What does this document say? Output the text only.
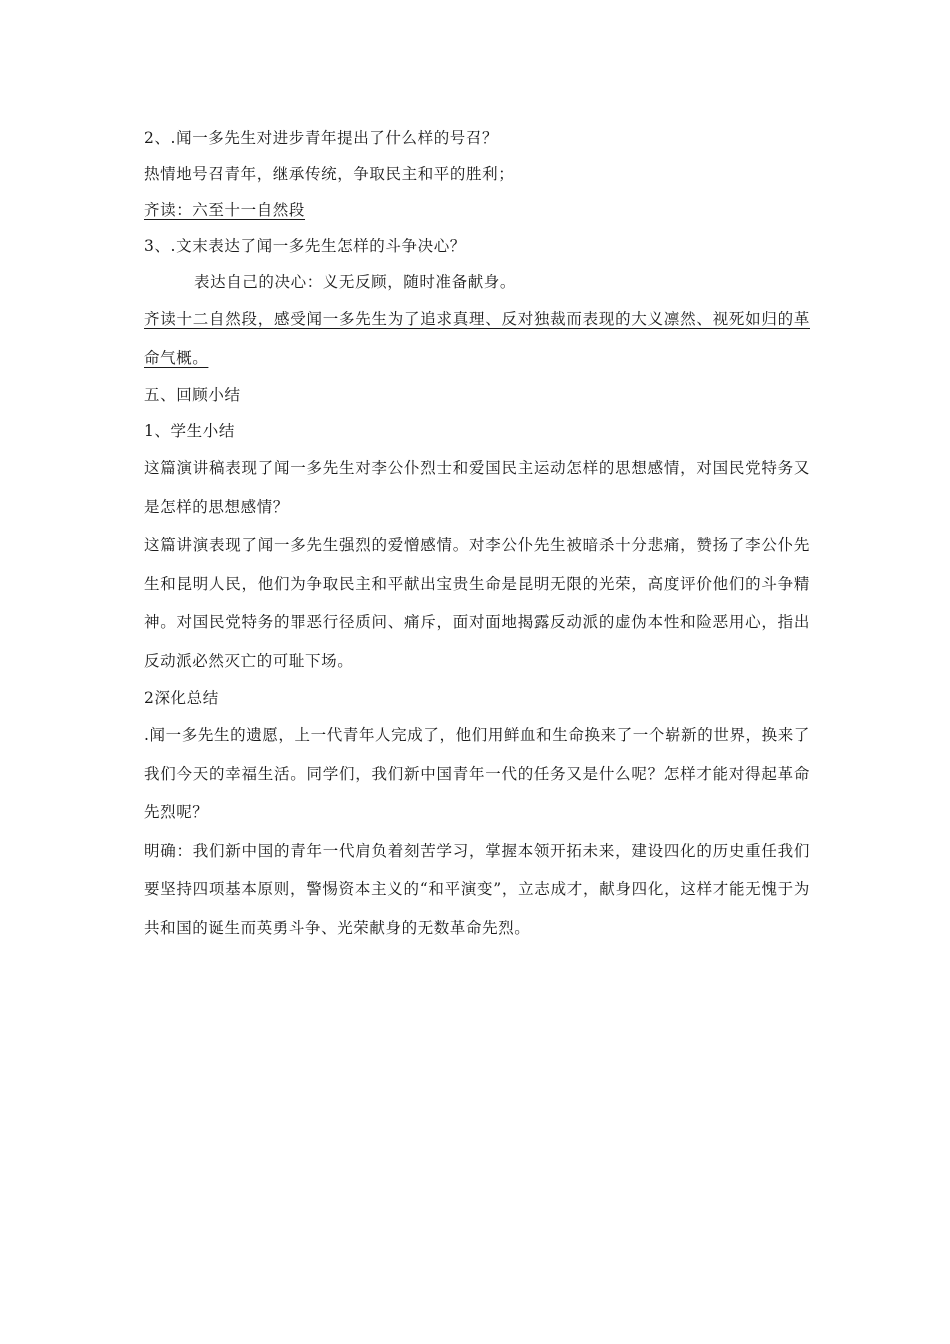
2、.闻一多先生对进步青年提出了什么样的号召？
热情地号召青年，继承传统，争取民主和平的胜利；
齐读：六至十一自然段
3、.文末表达了闻一多先生怎样的斗争决心？
表达自己的决心：义无反顾，随时准备献身。
齐读十二自然段，感受闻一多先生为了追求真理、反对独裁而表现的大义凛然、视死如归的革命气概。
五、回顾小结
1、学生小结
这篇演讲稿表现了闻一多先生对李公仆烈士和爱国民主运动怎样的思想感情，对国民党特务又是怎样的思想感情？
这篇讲演表现了闻一多先生强烈的爱憎感情。对李公仆先生被暗杀十分悲痛，赞扬了李公仆先生和昆明人民，他们为争取民主和平献出宝贵生命是昆明无限的光荣，高度评价他们的斗争精神。对国民党特务的罪恶行径质问、痛斥，面对面地揭露反动派的虚伪本性和险恶用心，指出反动派必然灭亡的可耻下场。
2深化总结
.闻一多先生的遗愿，上一代青年人完成了，他们用鲜血和生命换来了一个崭新的世界，换来了我们今天的幸福生活。同学们，我们新中国青年一代的任务又是什么呢？怎样才能对得起革命先烈呢？
明确：我们新中国的青年一代肩负着刻苦学习，掌握本领开拓未来，建设四化的历史重任我们要坚持四项基本原则，警惕资本主义的“和平演变”，立志成才，献身四化，这样才能无愧于为共和国的诞生而英勇斗争、光荣献身的无数革命先烈。
